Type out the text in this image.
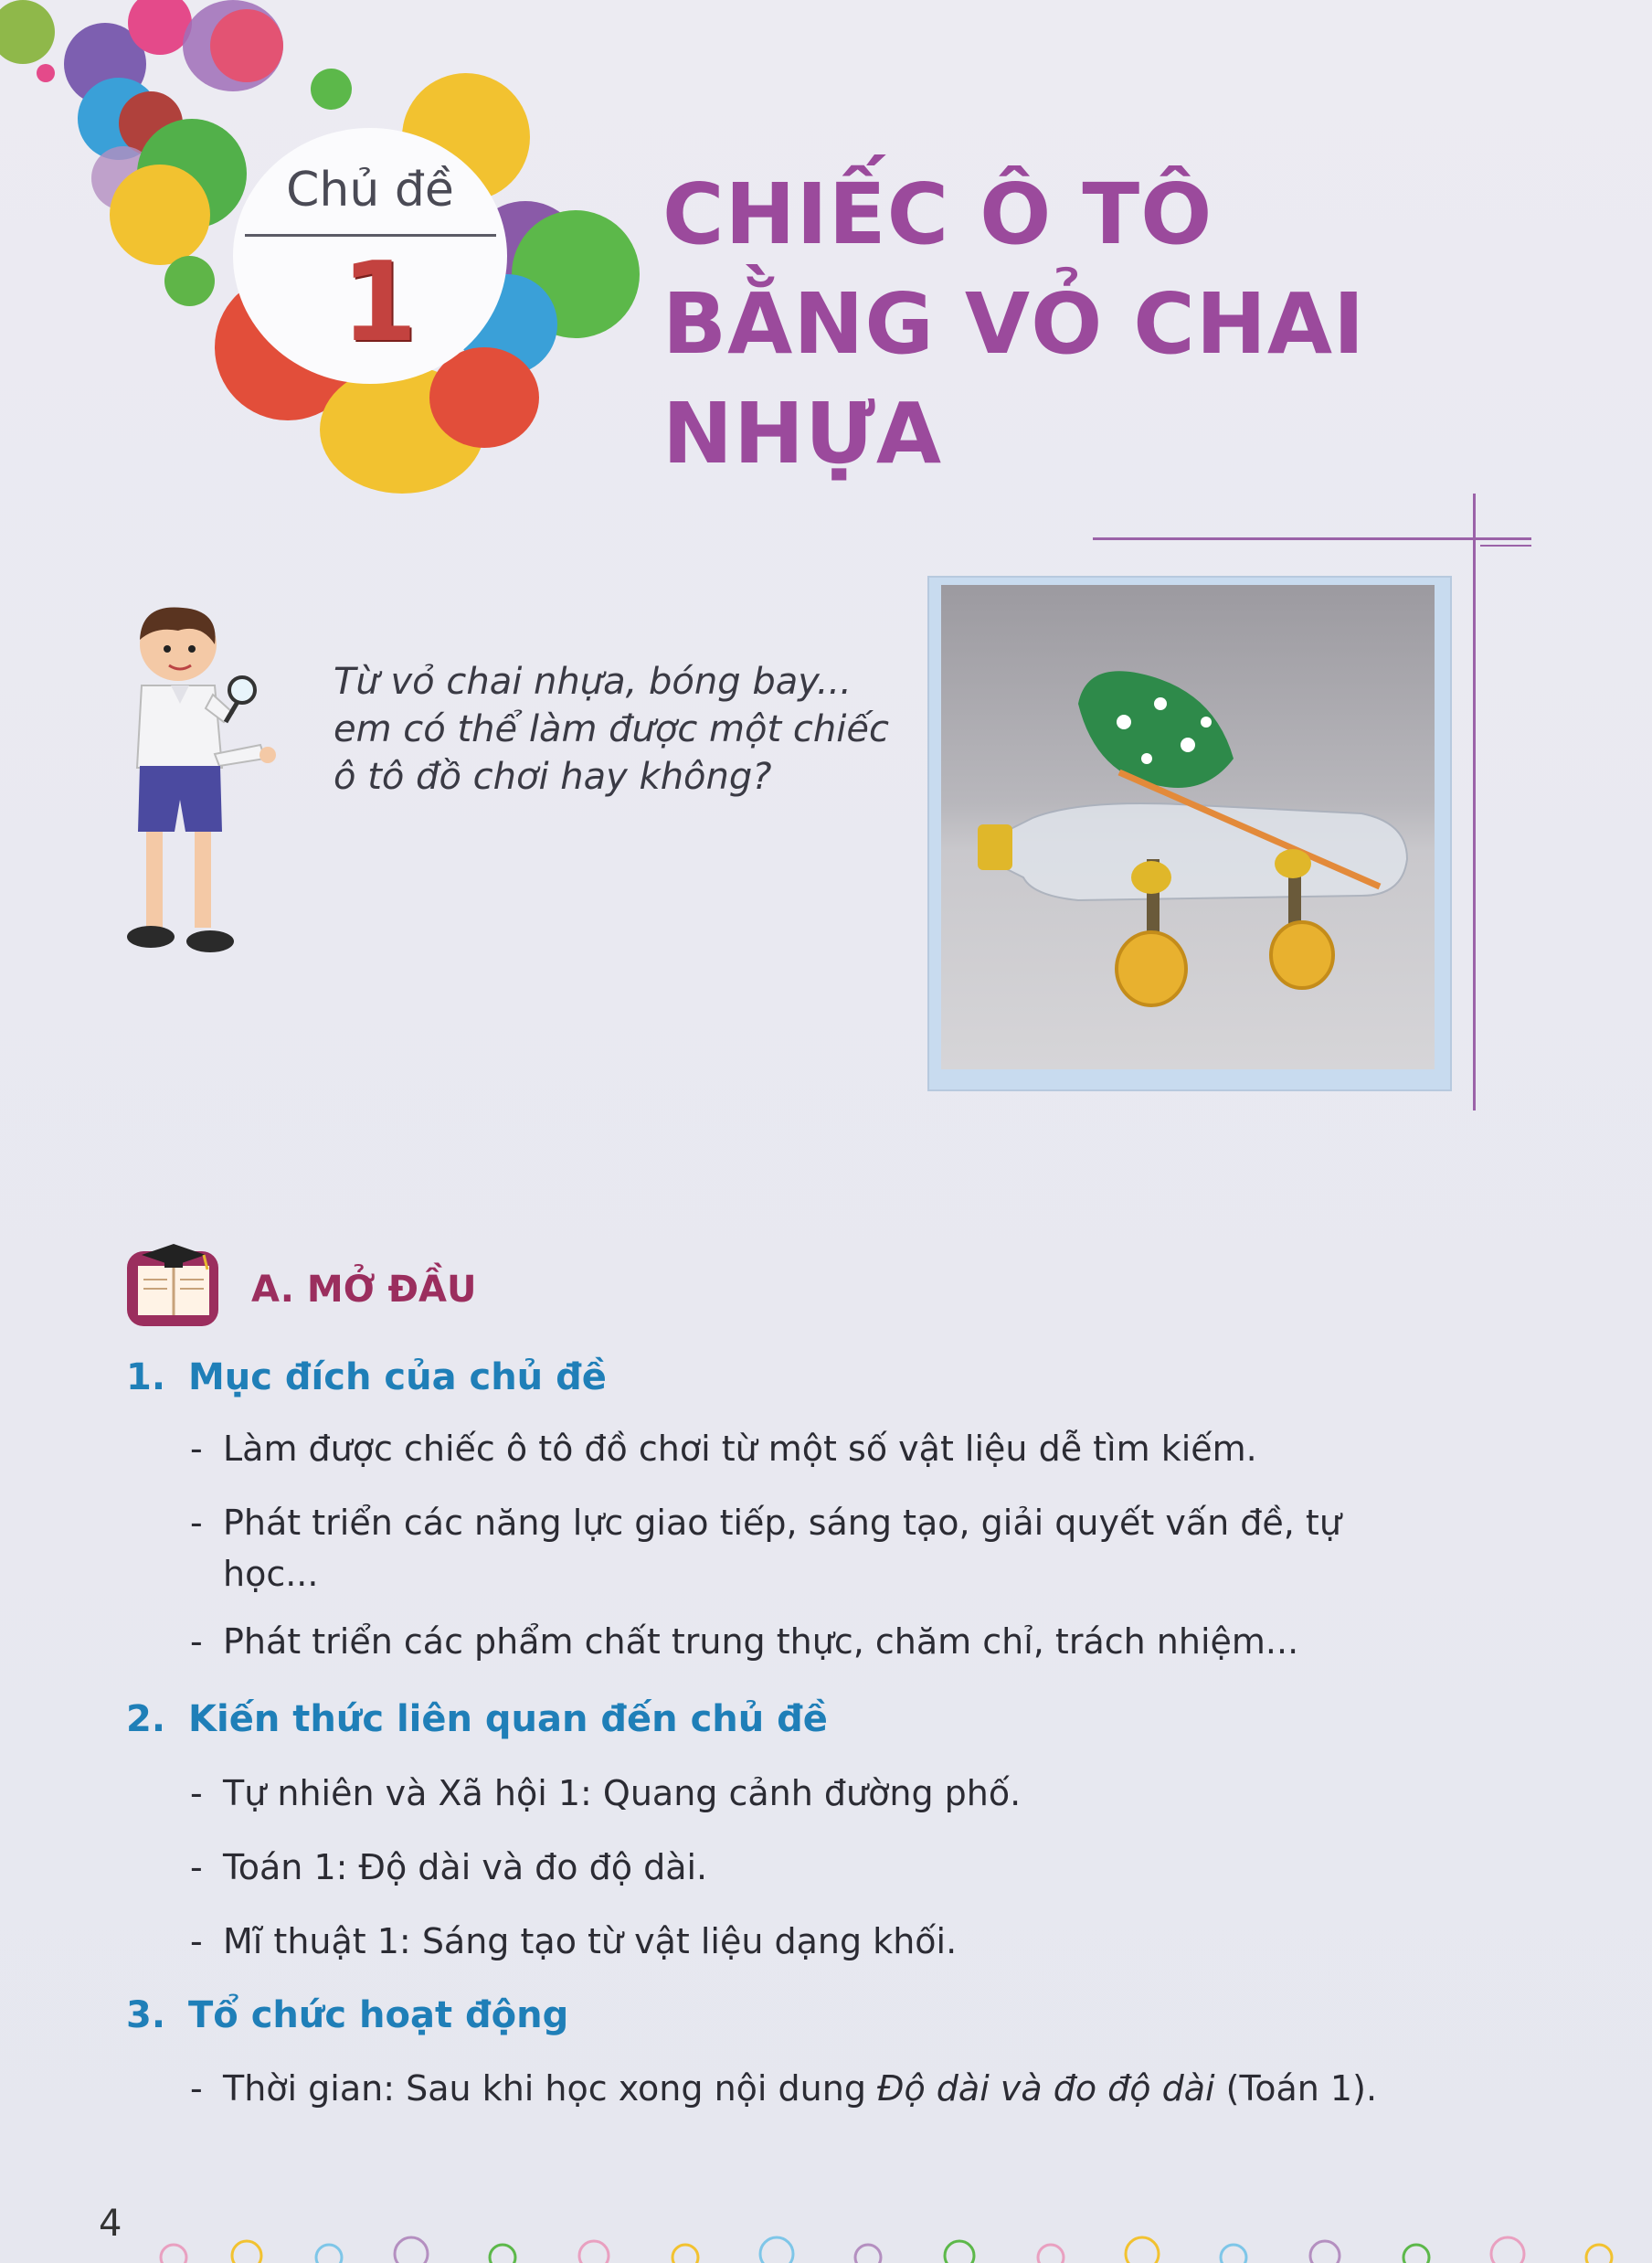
Chủ đề
1
CHIẾC Ô TÔ
BẰNG VỎ CHAI NHỰA
Từ vỏ chai nhựa, bóng bay...
em có thể làm được một chiếc
ô tô đồ chơi hay không?
A. MỞ ĐẦU
1. Mục đích của chủ đề
- Làm được chiếc ô tô đồ chơi từ một số vật liệu dễ tìm kiếm.
- Phát triển các năng lực giao tiếp, sáng tạo, giải quyết vấn đề, tự
học...
- Phát triển các phẩm chất trung thực, chăm chỉ, trách nhiệm...
2. Kiến thức liên quan đến chủ đề
- Tự nhiên và Xã hội 1: Quang cảnh đường phố.
- Toán 1: Độ dài và đo độ dài.
- Mĩ thuật 1: Sáng tạo từ vật liệu dạng khối.
3. Tổ chức hoạt động
- Thời gian: Sau khi học xong nội dung Độ dài và đo độ dài (Toán 1).
4
